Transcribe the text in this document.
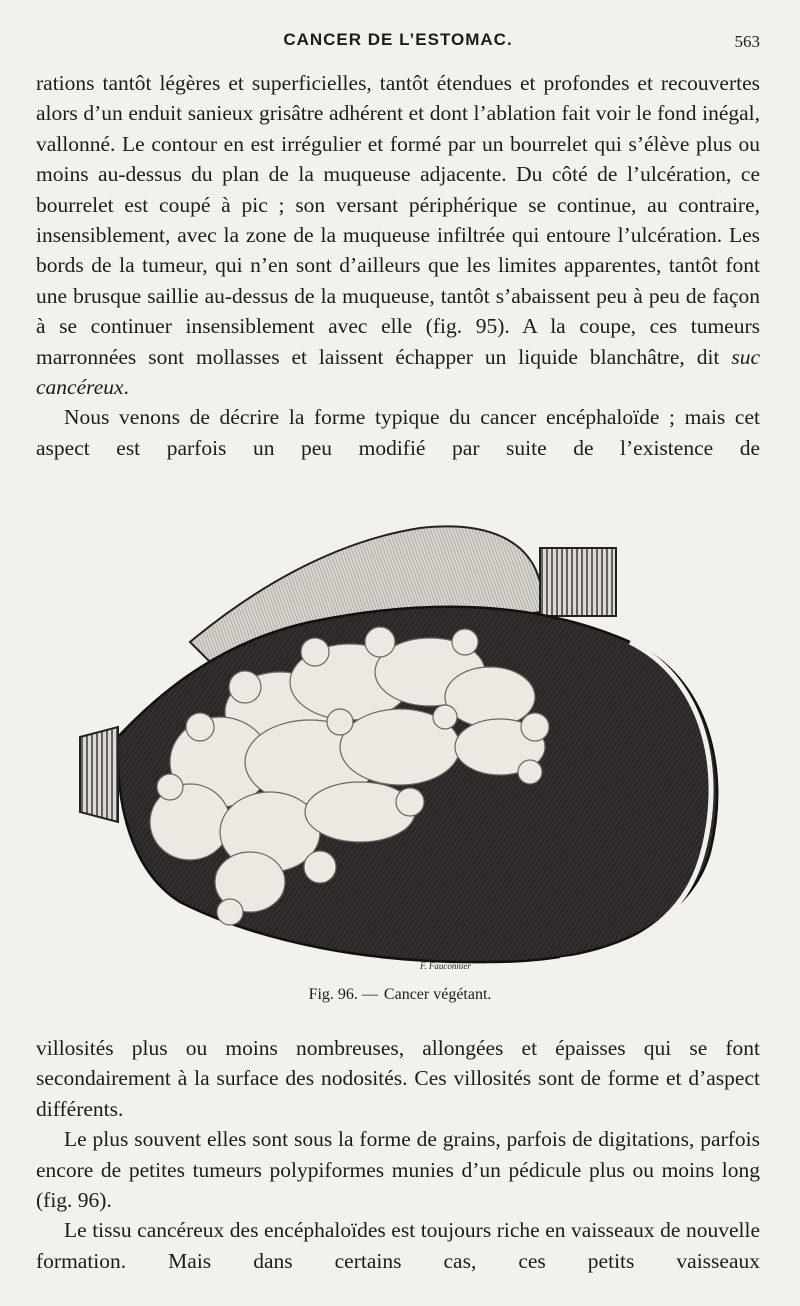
CANCER DE L’ESTOMAC.	563

rations tantôt légères et superficielles, tantôt étendues et profondes et recouvertes alors d’un enduit sanieux grisâtre adhérent et dont l’ablation fait voir le fond inégal, vallonné. Le contour en est irrégulier et formé par un bourrelet qui s’élève plus ou moins au-dessus du plan de la muqueuse adjacente. Du côté de l’ulcération, ce bourrelet est coupé à pic ; son versant périphérique se continue, au contraire, insensiblement, avec la zone de la muqueuse infiltrée qui entoure l’ulcération. Les bords de la tumeur, qui n’en sont d’ailleurs que les limites apparentes, tantôt font une brusque saillie au-dessus de la muqueuse, tantôt s’abaissent peu à peu de façon à se continuer insensiblement avec elle (fig. 95). A la coupe, ces tumeurs marronnées sont mollasses et laissent échapper un liquide blanchâtre, dit suc cancéreux.

Nous venons de décrire la forme typique du cancer encéphaloïde ; mais cet aspect est parfois un peu modifié par suite de l’existence de

F. Fauconnier
Fig. 96. — Cancer végétant.

villosités plus ou moins nombreuses, allongées et épaisses qui se font secondairement à la surface des nodosités. Ces villosités sont de forme et d’aspect différents.

Le plus souvent elles sont sous la forme de grains, parfois de digitations, parfois encore de petites tumeurs polypiformes munies d’un pédicule plus ou moins long (fig. 96).

Le tissu cancéreux des encéphaloïdes est toujours riche en vaisseaux de nouvelle formation. Mais dans certains cas, ces petits vaisseaux
